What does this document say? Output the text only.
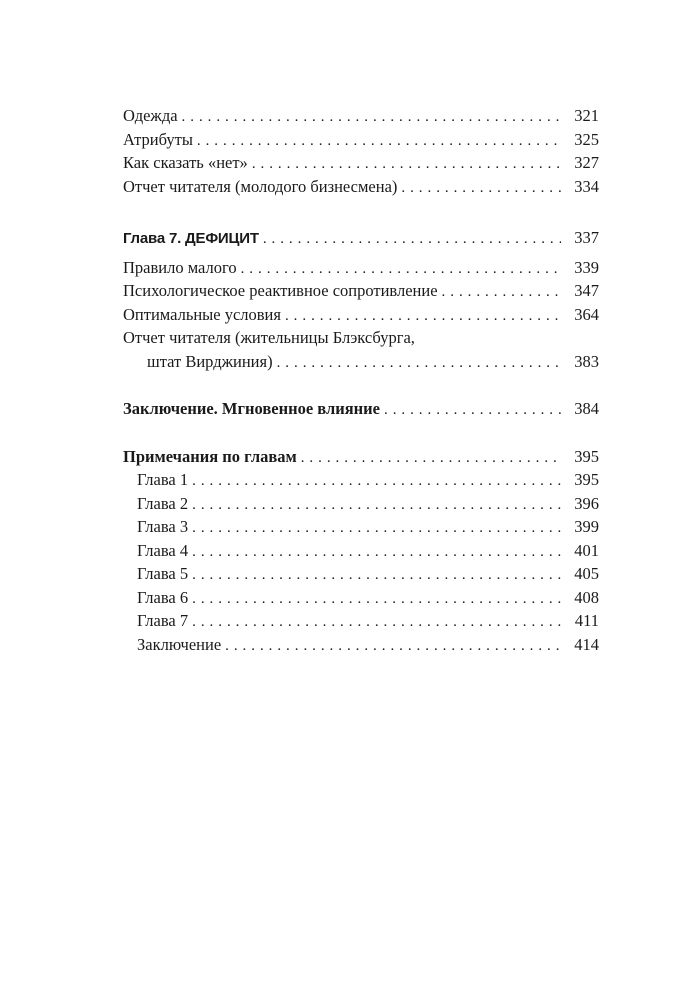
Одежда . . .	321
Атрибуты . . .	325
Как сказать «нет» . . .	327
Отчет читателя (молодого бизнесмена) . . .	334
Глава 7. ДЕФИЦИТ . . .	337
Правило малого . . .	339
Психологическое реактивное сопротивление . . .	347
Оптимальные условия . . .	364
Отчет читателя (жительницы Блэксбурга,
штат Вирджиния) . . .	383
Заключение. Мгновенное влияние . . .	384
Примечания по главам . . .	395
Глава 1 . . .	395
Глава 2 . . .	396
Глава 3 . . .	399
Глава 4 . . .	401
Глава 5 . . .	405
Глава 6 . . .	408
Глава 7 . . .	411
Заключение . . .	414
